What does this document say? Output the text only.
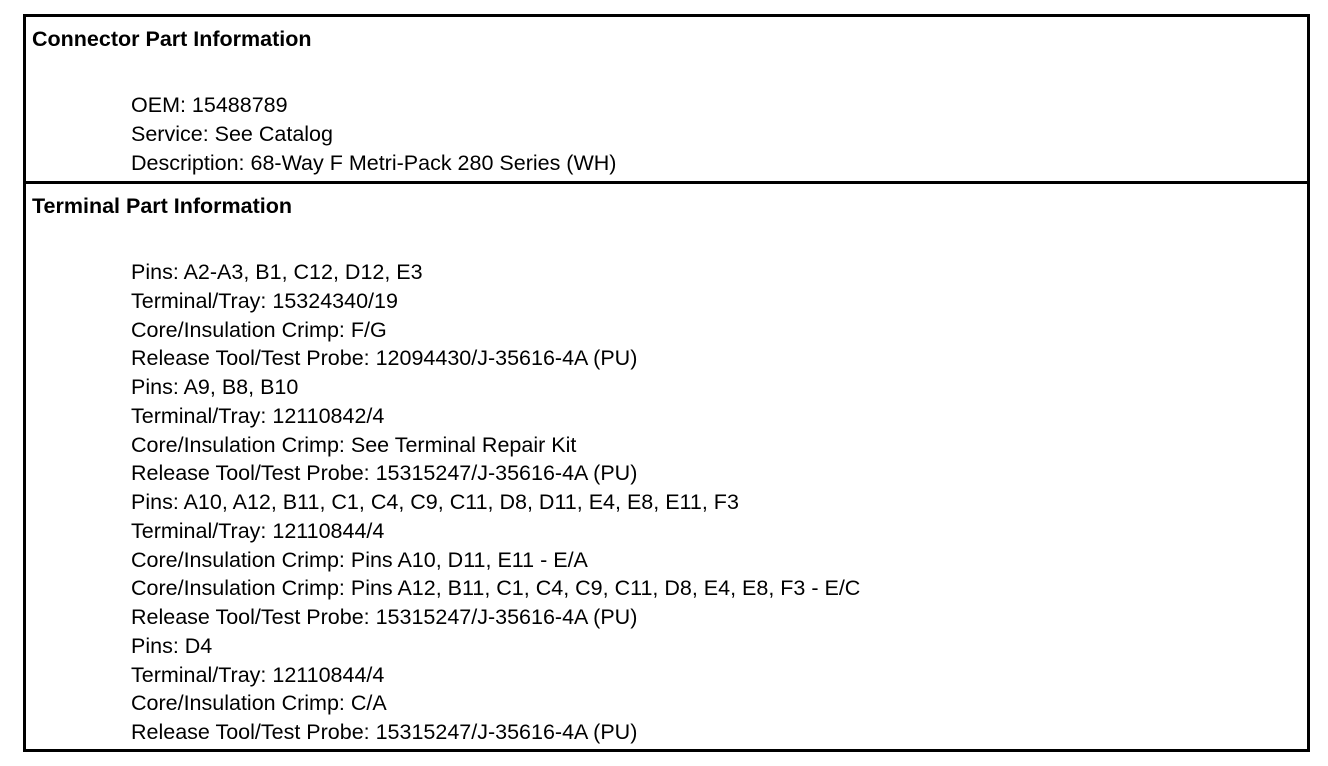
Connector Part Information
OEM: 15488789
Service: See Catalog
Description: 68-Way F Metri-Pack 280 Series (WH)
Terminal Part Information
Pins: A2-A3, B1, C12, D12, E3
Terminal/Tray: 15324340/19
Core/Insulation Crimp: F/G
Release Tool/Test Probe: 12094430/J-35616-4A (PU)
Pins: A9, B8, B10
Terminal/Tray: 12110842/4
Core/Insulation Crimp: See Terminal Repair Kit
Release Tool/Test Probe: 15315247/J-35616-4A (PU)
Pins: A10, A12, B11, C1, C4, C9, C11, D8, D11, E4, E8, E11, F3
Terminal/Tray: 12110844/4
Core/Insulation Crimp: Pins A10, D11, E11 - E/A
Core/Insulation Crimp: Pins A12, B11, C1, C4, C9, C11, D8, E4, E8, F3 - E/C
Release Tool/Test Probe: 15315247/J-35616-4A (PU)
Pins: D4
Terminal/Tray: 12110844/4
Core/Insulation Crimp: C/A
Release Tool/Test Probe: 15315247/J-35616-4A (PU)
